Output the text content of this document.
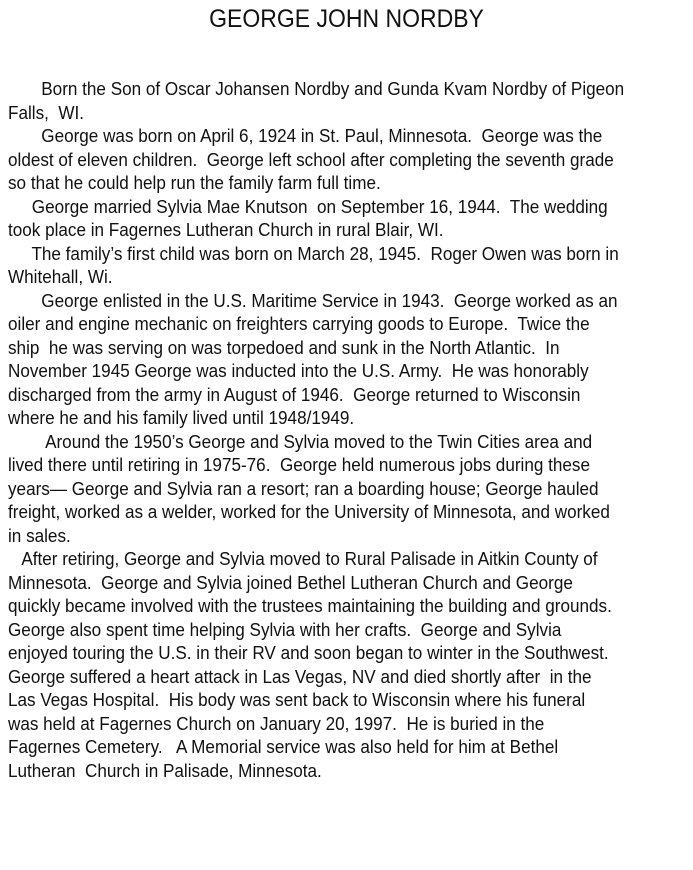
GEORGE JOHN NORDBY
Born the Son of Oscar Johansen Nordby and Gunda Kvam Nordby of Pigeon
Falls,  WI.
George was born on April 6, 1924 in St. Paul, Minnesota.  George was the
oldest of eleven children.  George left school after completing the seventh grade
so that he could help run the family farm full time.
George married Sylvia Mae Knutson  on September 16, 1944.  The wedding
took place in Fagernes Lutheran Church in rural Blair, WI.
The family’s first child was born on March 28, 1945.  Roger Owen was born in
Whitehall, Wi.
George enlisted in the U.S. Maritime Service in 1943.  George worked as an
oiler and engine mechanic on freighters carrying goods to Europe.  Twice the
ship  he was serving on was torpedoed and sunk in the North Atlantic.  In
November 1945 George was inducted into the U.S. Army.  He was honorably
discharged from the army in August of 1946.  George returned to Wisconsin
where he and his family lived until 1948/1949.
Around the 1950’s George and Sylvia moved to the Twin Cities area and
lived there until retiring in 1975-76.  George held numerous jobs during these
years— George and Sylvia ran a resort; ran a boarding house; George hauled
freight, worked as a welder, worked for the University of Minnesota, and worked
in sales.
After retiring, George and Sylvia moved to Rural Palisade in Aitkin County of
Minnesota.  George and Sylvia joined Bethel Lutheran Church and George
quickly became involved with the trustees maintaining the building and grounds.
George also spent time helping Sylvia with her crafts.  George and Sylvia
enjoyed touring the U.S. in their RV and soon began to winter in the Southwest.
George suffered a heart attack in Las Vegas, NV and died shortly after  in the
Las Vegas Hospital.  His body was sent back to Wisconsin where his funeral
was held at Fagernes Church on January 20, 1997.  He is buried in the
Fagernes Cemetery.   A Memorial service was also held for him at Bethel
Lutheran  Church in Palisade, Minnesota.
